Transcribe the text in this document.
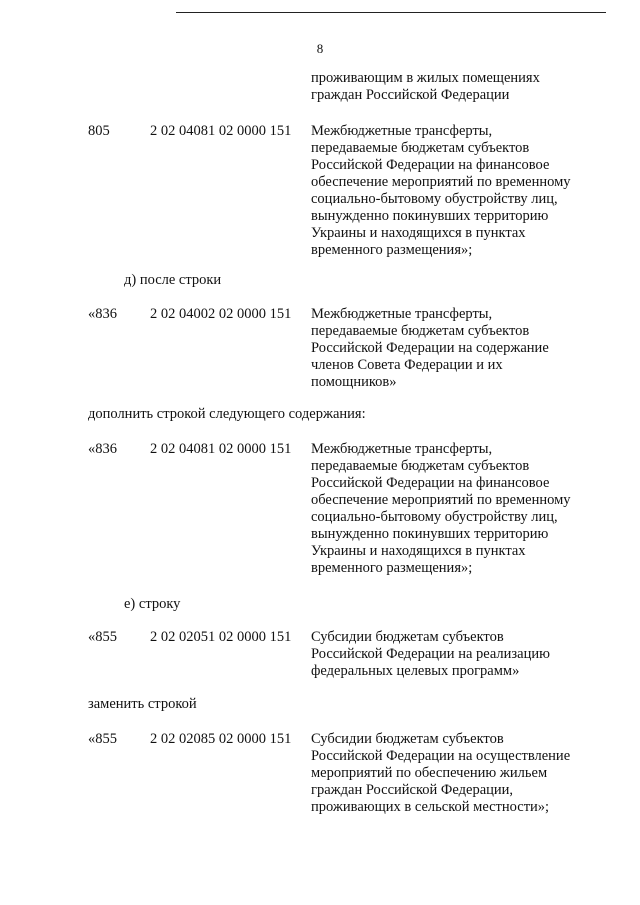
8
проживающим в жилых помещениях
граждан Российской Федерации
805	2 02 04081 02 0000 151 Межбюджетные трансферты,
передаваемые бюджетам субъектов
Российской Федерации на финансовое
обеспечение мероприятий по временному
социально-бытовому обустройству лиц,
вынужденно покинувших территорию
Украины и находящихся в пунктах
временного размещения»;
д) после строки
«836 2 02 04002 02 0000 151 Межбюджетные трансферты,
передаваемые бюджетам субъектов
Российской Федерации на содержание
членов Совета Федерации и их
помощников»
дополнить строкой следующего содержания:
«836 2 02 04081 02 0000 151 Межбюджетные трансферты,
передаваемые бюджетам субъектов
Российской Федерации на финансовое
обеспечение мероприятий по временному
социально-бытовому обустройству лиц,
вынужденно покинувших территорию
Украины и находящихся в пунктах
временного размещения»;
е) строку
«855 2 02 02051 02 0000 151 Субсидии бюджетам субъектов
Российской Федерации на реализацию
федеральных целевых программ»
заменить строкой
«855 2 02 02085 02 0000 151 Субсидии бюджетам субъектов
Российской Федерации на осуществление
мероприятий по обеспечению жильем
граждан Российской Федерации,
проживающих в сельской местности»;
